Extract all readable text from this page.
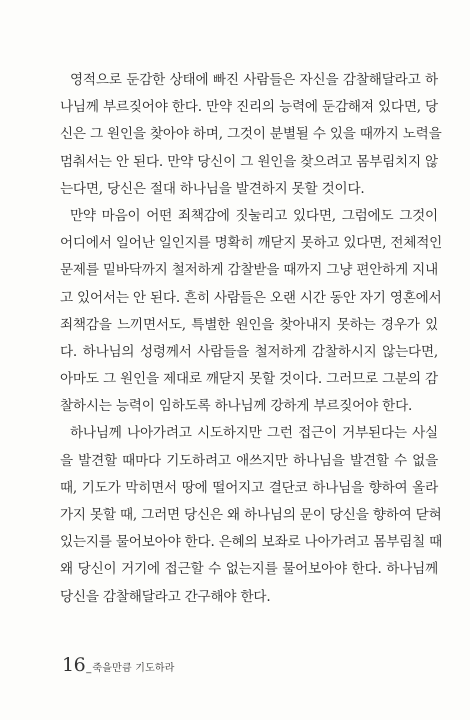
영적으로 둔감한 상태에 빠진 사람들은 자신을 감찰해달라고 하
나님께 부르짖어야 한다. 만약 진리의 능력에 둔감해져 있다면, 당
신은 그 원인을 찾아야 하며, 그것이 분별될 수 있을 때까지 노력을
멈춰서는 안 된다. 만약 당신이 그 원인을 찾으려고 몸부림치지 않
는다면, 당신은 절대 하나님을 발견하지 못할 것이다.
만약 마음이 어떤 죄책감에 짓눌리고 있다면, 그럼에도 그것이
어디에서 일어난 일인지를 명확히 깨닫지 못하고 있다면, 전체적인
문제를 밑바닥까지 철저하게 감찰받을 때까지 그냥 편안하게 지내
고 있어서는 안 된다. 흔히 사람들은 오랜 시간 동안 자기 영혼에서
죄책감을 느끼면서도, 특별한 원인을 찾아내지 못하는 경우가 있
다. 하나님의 성령께서 사람들을 철저하게 감찰하시지 않는다면,
아마도 그 원인을 제대로 깨닫지 못할 것이다. 그러므로 그분의 감
찰하시는 능력이 임하도록 하나님께 강하게 부르짖어야 한다.
하나님께 나아가려고 시도하지만 그런 접근이 거부된다는 사실
을 발견할 때마다 기도하려고 애쓰지만 하나님을 발견할 수 없을
때, 기도가 막히면서 땅에 떨어지고 결단코 하나님을 향하여 올라
가지 못할 때, 그러면 당신은 왜 하나님의 문이 당신을 향하여 닫혀
있는지를 물어보아야 한다. 은혜의 보좌로 나아가려고 몸부림칠 때
왜 당신이 거기에 접근할 수 없는지를 물어보아야 한다. 하나님께
당신을 감찰해달라고 간구해야 한다.
16 _ 죽을만큼 기도하라
